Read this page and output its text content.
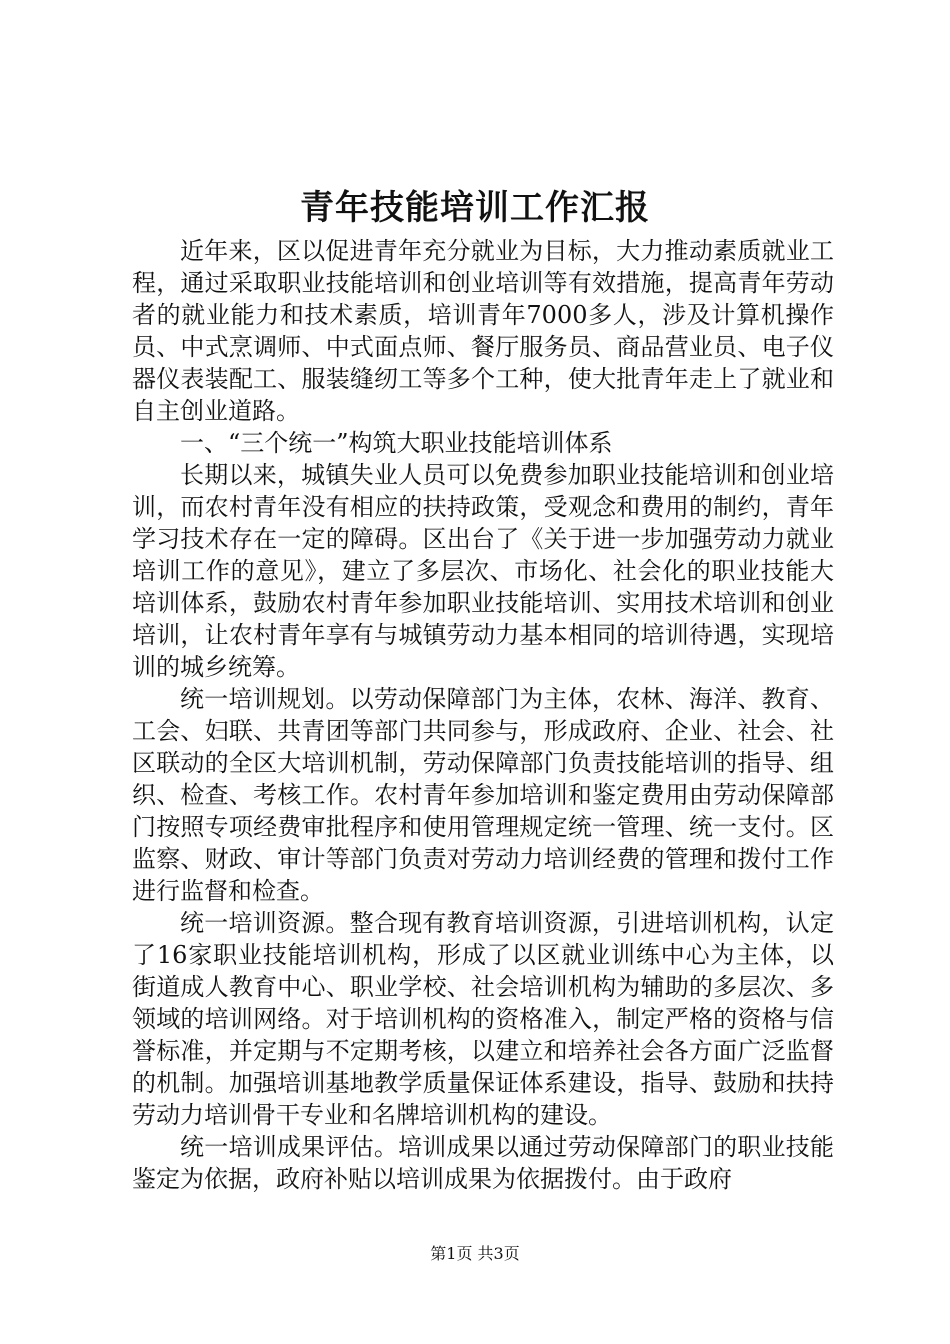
青年技能培训工作汇报

近年来，区以促进青年充分就业为目标，大力推动素质就业工程，通过采取职业技能培训和创业培训等有效措施，提高青年劳动者的就业能力和技术素质，培训青年7000多人，涉及计算机操作员、中式烹调师、中式面点师、餐厅服务员、商品营业员、电子仪器仪表装配工、服装缝纫工等多个工种，使大批青年走上了就业和自主创业道路。

一、“三个统一”构筑大职业技能培训体系

长期以来，城镇失业人员可以免费参加职业技能培训和创业培训，而农村青年没有相应的扶持政策，受观念和费用的制约，青年学习技术存在一定的障碍。区出台了《关于进一步加强劳动力就业培训工作的意见》，建立了多层次、市场化、社会化的职业技能大培训体系，鼓励农村青年参加职业技能培训、实用技术培训和创业培训，让农村青年享有与城镇劳动力基本相同的培训待遇，实现培训的城乡统筹。

统一培训规划。以劳动保障部门为主体，农林、海洋、教育、工会、妇联、共青团等部门共同参与，形成政府、企业、社会、社区联动的全区大培训机制，劳动保障部门负责技能培训的指导、组织、检查、考核工作。农村青年参加培训和鉴定费用由劳动保障部门按照专项经费审批程序和使用管理规定统一管理、统一支付。区监察、财政、审计等部门负责对劳动力培训经费的管理和拨付工作进行监督和检查。

统一培训资源。整合现有教育培训资源，引进培训机构，认定了16家职业技能培训机构，形成了以区就业训练中心为主体，以街道成人教育中心、职业学校、社会培训机构为辅助的多层次、多领域的培训网络。对于培训机构的资格准入，制定严格的资格与信誉标准，并定期与不定期考核，以建立和培养社会各方面广泛监督的机制。加强培训基地教学质量保证体系建设，指导、鼓励和扶持劳动力培训骨干专业和名牌培训机构的建设。

统一培训成果评估。培训成果以通过劳动保障部门的职业技能鉴定为依据，政府补贴以培训成果为依据拨付。由于政府

第1页 共3页
